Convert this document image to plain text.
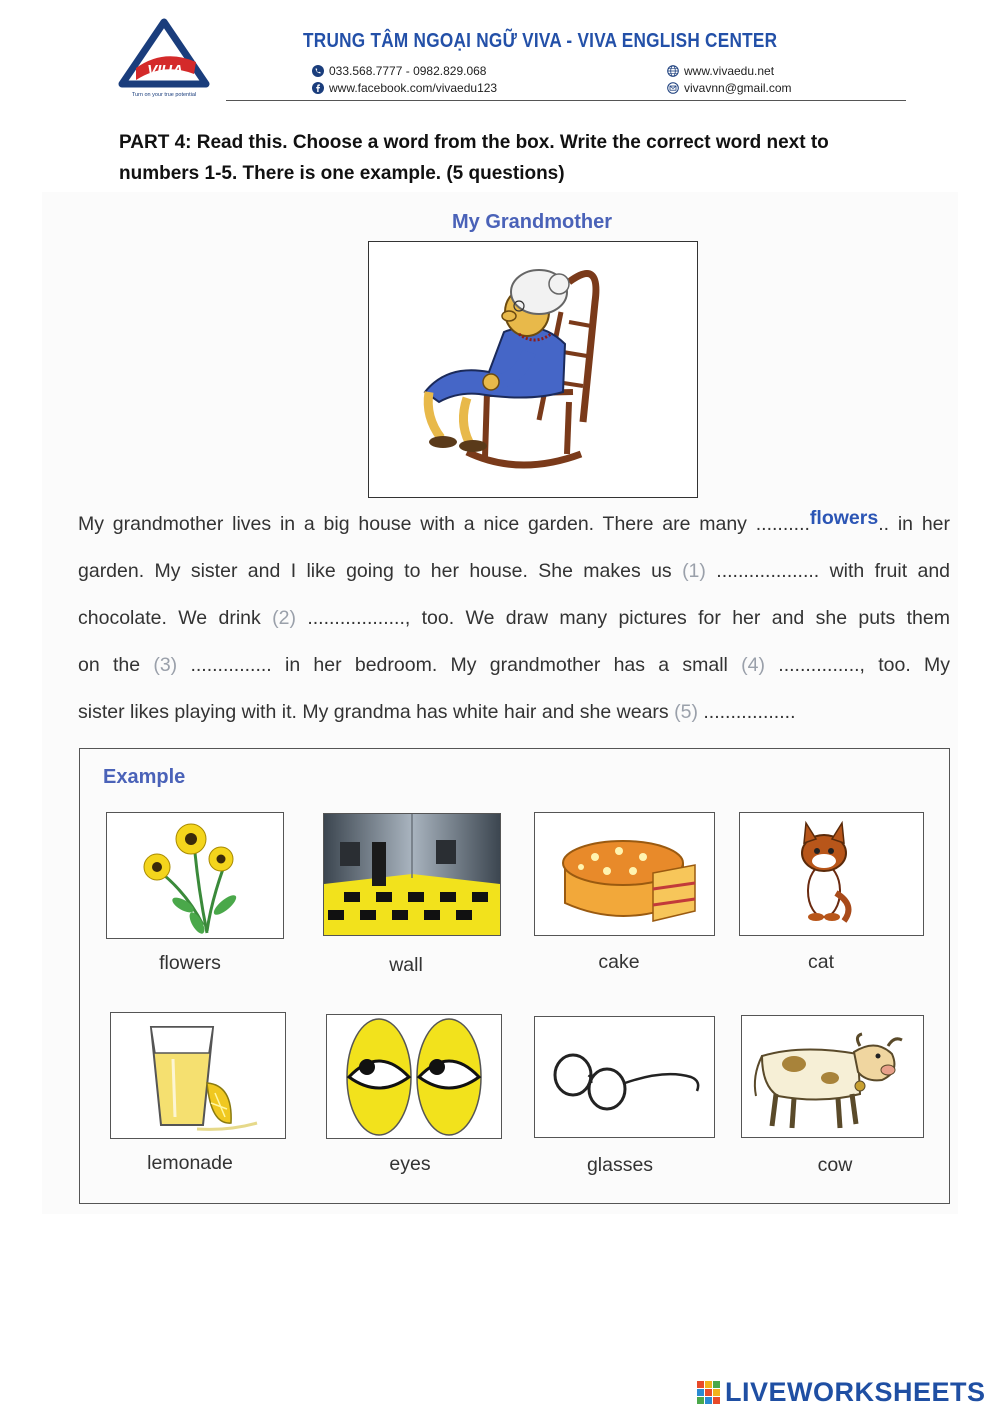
VIUA
Turn on your true potential
TRUNG TÂM NGOẠI NGỮ VIVA - VIVA ENGLISH CENTER
033.568.7777 - 0982.829.068
www.facebook.com/vivaedu123
www.vivaedu.net
vivavnn@gmail.com
PART 4: Read this. Choose a word from the box. Write the correct word next to
numbers 1-5. There is one example. (5 questions)
My Grandmother
My grandmother lives in a big house with a nice garden. There are many ..........flowers.. in her
garden. My sister and I like going to her house. She makes us (1) ................... with fruit and
chocolate. We drink (2) .................., too. We draw many pictures for her and she puts them
on the (3) ............... in her bedroom. My grandmother has a small (4) ..............., too. My
sister likes playing with it. My grandma has white hair and she wears (5) .................
Example
flowers	wall	cake	cat
lemonade	eyes	glasses	cow
LIVEWORKSHEETS
